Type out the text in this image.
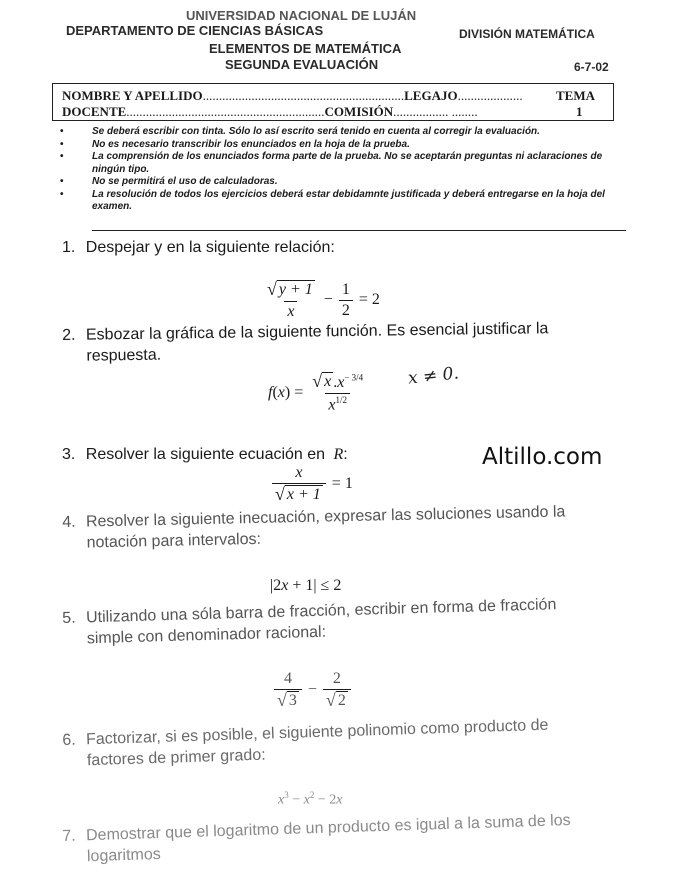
UNIVERSIDAD NACIONAL DE LUJÁN
DEPARTAMENTO DE CIENCIAS BÁSICAS	DIVISIÓN MATEMÁTICA
ELEMENTOS DE MATEMÁTICA
SEGUNDA EVALUACIÓN	6-7-02
NOMBRE Y APELLIDO..............................................................LEGAJO....................	TEMA
1
DOCENTE.............................................................COMISIÓN................. ........
•	Se deberá escribir con tinta. Sólo lo así escrito será tenido en cuenta al corregir la evaluación.
•	No es necesario transcribir los enunciados en la hoja de la prueba.
•	La comprensión de los enunciados forma parte de la prueba. No se aceptarán preguntas ni aclaraciones de ningún tipo.
•	No se permitirá el uso de calculadoras.
•	La resolución de todos los ejercicios deberá estar debidamnte justificada y deberá entregarse en la hoja del examen.
1. Despejar y en la siguiente relación:
$\frac{√ y + 1}{x} - \frac{1}{2} = 2$
2. Esbozar la gráfica de la siguiente función. Es esencial justificar la
respuesta.
$f(x) = \frac{√ x .x^{- 3/4}}{x^{1/2}}$ x ≠ 0.
3. Resolver la siguiente ecuación en R:	Altillo.com
$\frac{x}{√ x + 1} = 1$
4. Resolver la siguiente inecuación, expresar las soluciones usando la
notación para intervalos:
|2x + 1| ≤ 2
5. Utilizando una sóla barra de fracción, escribir en forma de fracción
simple con denominador racional:
$\frac{4}{√ 3} - \frac{2}{√ 2}$
6. Factorizar, si es posible, el siguiente polinomio como producto de
factores de primer grado:
$x^3 - x^2 - 2x$
7. Demostrar que el logaritmo de un producto es igual a la suma de los
logaritmos
